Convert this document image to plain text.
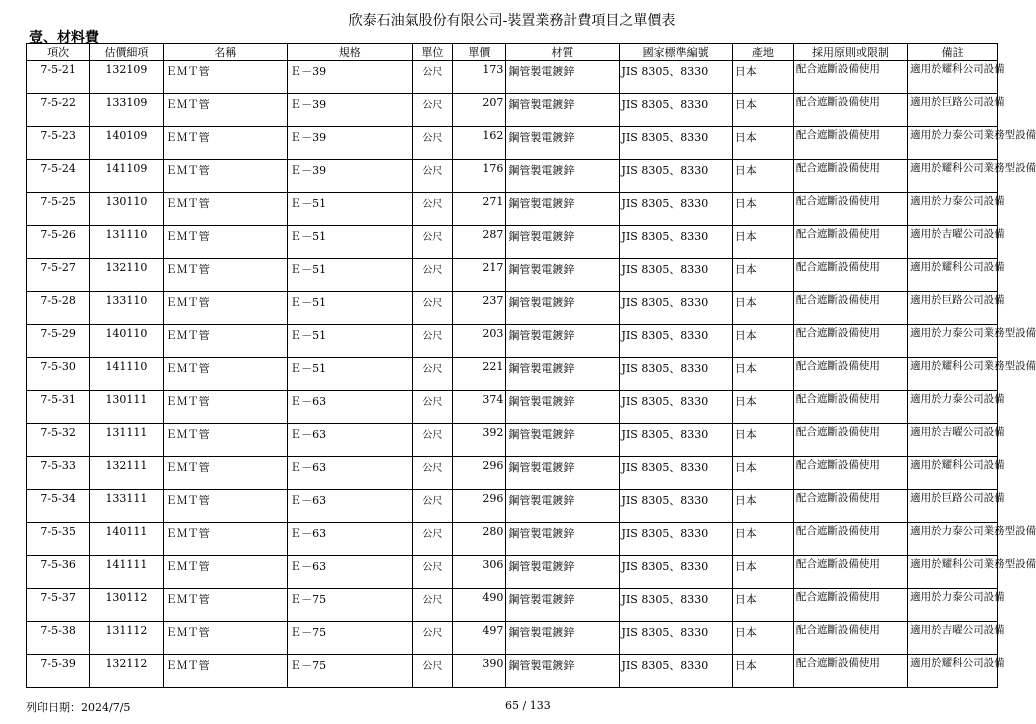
欣泰石油氣股份有限公司-裝置業務計費項目之單價表
壹、材料費
項次	估價細項	名稱	規格	單位	單價	材質	國家標準編號	產地	採用原則或限制	備註
7-5-21	132109	ＥＭＴ管	Ｅ－39	公尺	173	鋼管製電鍍鋅	JIS 8305、8330	日本	配合遮斷設備使用	適用於耀科公司設備
7-5-22	133109	ＥＭＴ管	Ｅ－39	公尺	207	鋼管製電鍍鋅	JIS 8305、8330	日本	配合遮斷設備使用	適用於巨路公司設備
7-5-23	140109	ＥＭＴ管	Ｅ－39	公尺	162	鋼管製電鍍鋅	JIS 8305、8330	日本	配合遮斷設備使用	適用於力泰公司業務型設備
7-5-24	141109	ＥＭＴ管	Ｅ－39	公尺	176	鋼管製電鍍鋅	JIS 8305、8330	日本	配合遮斷設備使用	適用於耀科公司業務型設備
7-5-25	130110	ＥＭＴ管	Ｅ－51	公尺	271	鋼管製電鍍鋅	JIS 8305、8330	日本	配合遮斷設備使用	適用於力泰公司設備
7-5-26	131110	ＥＭＴ管	Ｅ－51	公尺	287	鋼管製電鍍鋅	JIS 8305、8330	日本	配合遮斷設備使用	適用於吉曜公司設備
7-5-27	132110	ＥＭＴ管	Ｅ－51	公尺	217	鋼管製電鍍鋅	JIS 8305、8330	日本	配合遮斷設備使用	適用於耀科公司設備
7-5-28	133110	ＥＭＴ管	Ｅ－51	公尺	237	鋼管製電鍍鋅	JIS 8305、8330	日本	配合遮斷設備使用	適用於巨路公司設備
7-5-29	140110	ＥＭＴ管	Ｅ－51	公尺	203	鋼管製電鍍鋅	JIS 8305、8330	日本	配合遮斷設備使用	適用於力泰公司業務型設備
7-5-30	141110	ＥＭＴ管	Ｅ－51	公尺	221	鋼管製電鍍鋅	JIS 8305、8330	日本	配合遮斷設備使用	適用於耀科公司業務型設備
7-5-31	130111	ＥＭＴ管	Ｅ－63	公尺	374	鋼管製電鍍鋅	JIS 8305、8330	日本	配合遮斷設備使用	適用於力泰公司設備
7-5-32	131111	ＥＭＴ管	Ｅ－63	公尺	392	鋼管製電鍍鋅	JIS 8305、8330	日本	配合遮斷設備使用	適用於吉曜公司設備
7-5-33	132111	ＥＭＴ管	Ｅ－63	公尺	296	鋼管製電鍍鋅	JIS 8305、8330	日本	配合遮斷設備使用	適用於耀科公司設備
7-5-34	133111	ＥＭＴ管	Ｅ－63	公尺	296	鋼管製電鍍鋅	JIS 8305、8330	日本	配合遮斷設備使用	適用於巨路公司設備
7-5-35	140111	ＥＭＴ管	Ｅ－63	公尺	280	鋼管製電鍍鋅	JIS 8305、8330	日本	配合遮斷設備使用	適用於力泰公司業務型設備
7-5-36	141111	ＥＭＴ管	Ｅ－63	公尺	306	鋼管製電鍍鋅	JIS 8305、8330	日本	配合遮斷設備使用	適用於耀科公司業務型設備
7-5-37	130112	ＥＭＴ管	Ｅ－75	公尺	490	鋼管製電鍍鋅	JIS 8305、8330	日本	配合遮斷設備使用	適用於力泰公司設備
7-5-38	131112	ＥＭＴ管	Ｅ－75	公尺	497	鋼管製電鍍鋅	JIS 8305、8330	日本	配合遮斷設備使用	適用於吉曜公司設備
7-5-39	132112	ＥＭＴ管	Ｅ－75	公尺	390	鋼管製電鍍鋅	JIS 8305、8330	日本	配合遮斷設備使用	適用於耀科公司設備
列印日期：2024/7/5	65 / 133
